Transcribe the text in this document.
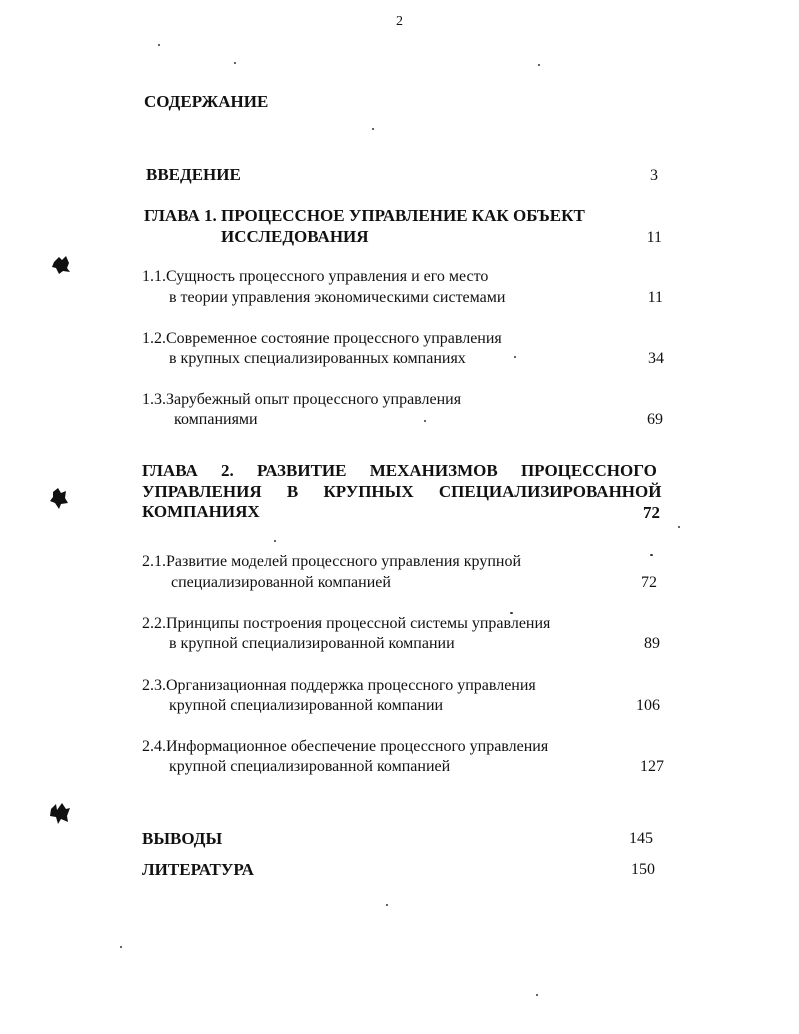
2
СОДЕРЖАНИЕ
ВВЕДЕНИЕ	3
ГЛАВА 1. ПРОЦЕССНОЕ УПРАВЛЕНИЕ КАК ОБЪЕКТ
ИССЛЕДОВАНИЯ	11
1.1.Сущность процессного управления и его место
в теории управления экономическими системами	11
1.2.Современное состояние процессного управления
в крупных специализированных компаниях	34
1.3.Зарубежный опыт процессного управления
компаниями	69
ГЛАВА 2. РАЗВИТИЕ МЕХАНИЗМОВ ПРОЦЕССНОГО
УПРАВЛЕНИЯ В КРУПНЫХ СПЕЦИАЛИЗИРОВАННОЙ
КОМПАНИЯХ	72
2.1.Развитие моделей процессного управления крупной
специализированной компанией	72
2.2.Принципы построения процессной системы управления
в крупной специализированной компании	89
2.3.Организационная поддержка процессного управления
крупной специализированной компании	106
2.4.Информационное обеспечение процессного управления
крупной специализированной компанией	127
ВЫВОДЫ	145
ЛИТЕРАТУРА	150
